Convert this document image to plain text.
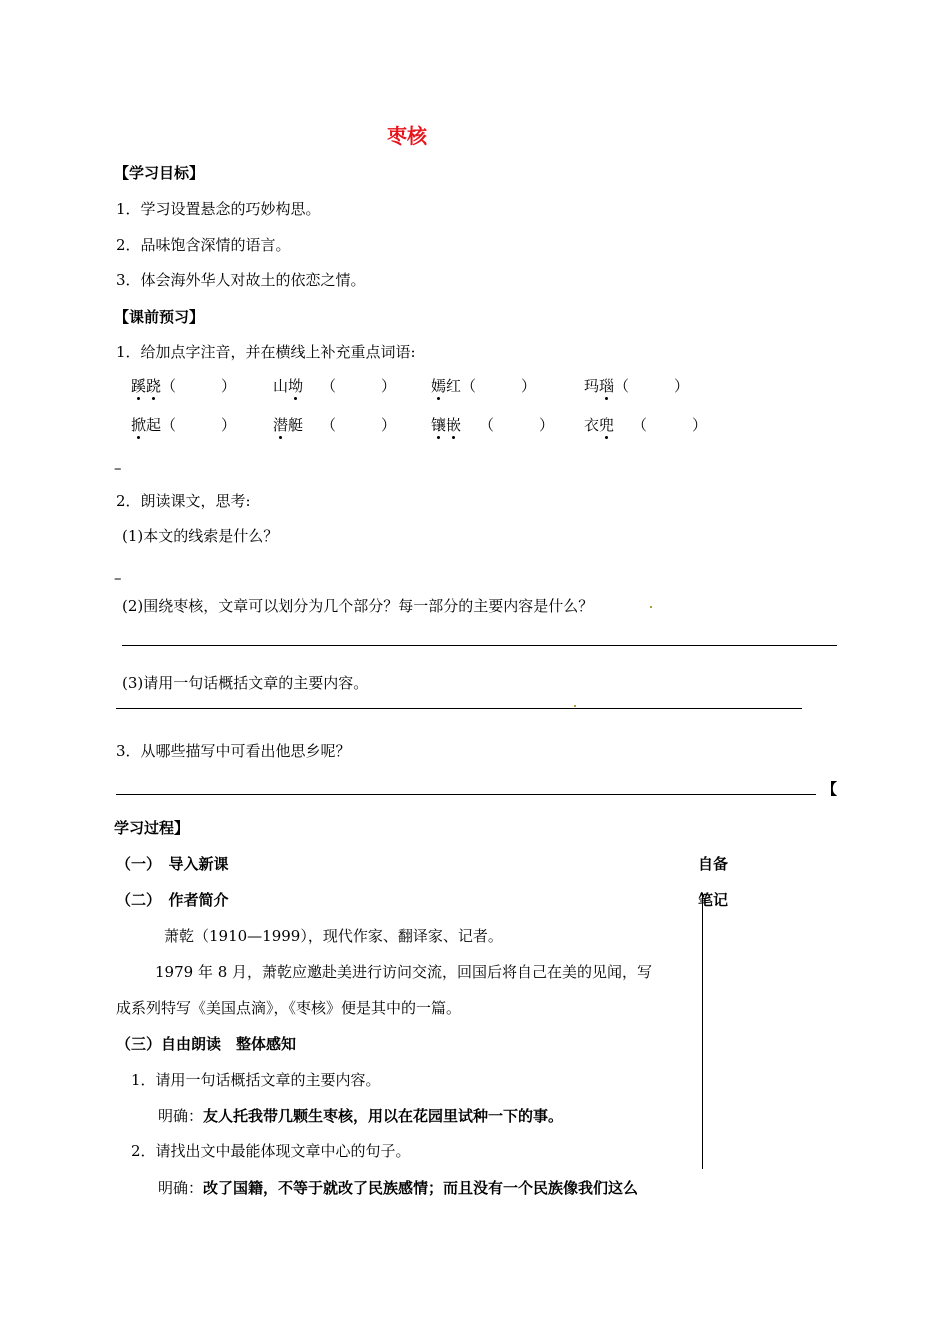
枣核
【学习目标】
1．学习设置悬念的巧妙构思。
2．品味饱含深情的语言。
3．体会海外华人对故土的依恋之情。
【课前预习】
1．给加点字注音，并在横线上补充重点词语:
蹊跷（　　　） 山坳 （　　　） 嫣红（　　　）	玛瑙（　　　）
掀起（　　　） 潜艇 （　　　） 镶嵌 （　　　） 衣兜 （　　　）
–
2．朗读课文，思考:
(1)本文的线索是什么？
–
(2)围绕枣核，文章可以划分为几个部分？每一部分的主要内容是什么？
(3)请用一句话概括文章的主要内容。
3．从哪些描写中可看出他思乡呢？
【
学习过程】
（一）　导入新课	自备
（二）　作者简介	笔记
萧乾（1910—1999），现代作家、翻译家、记者。
1979 年 8 月，萧乾应邀赴美进行访问交流，回国后将自己在美的见闻，写
成系列特写《美国点滴》，《枣核》便是其中的一篇。
（三）自由朗读　整体感知
1．请用一句话概括文章的主要内容。
明确：友人托我带几颗生枣核，用以在花园里试种一下的事。
2．请找出文中最能体现文章中心的句子。
明确：改了国籍，不等于就改了民族感情；而且没有一个民族像我们这么
